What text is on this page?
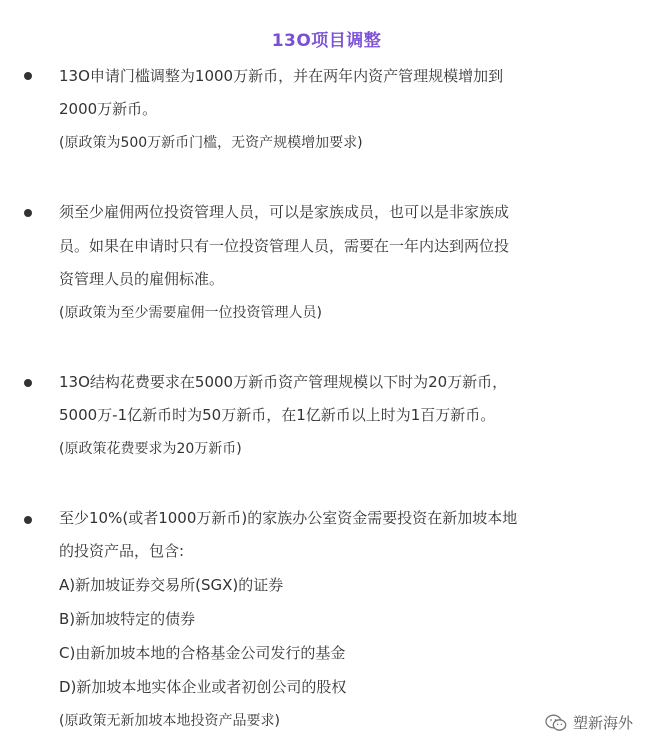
13O项目调整
13O申请门槛调整为1000万新币，并在两年内资产管理规模增加到
2000万新币。
(原政策为500万新币门槛，无资产规模增加要求)
须至少雇佣两位投资管理人员，可以是家族成员，也可以是非家族成
员。如果在申请时只有一位投资管理人员，需要在一年内达到两位投
资管理人员的雇佣标准。
(原政策为至少需要雇佣一位投资管理人员)
13O结构花费要求在5000万新币资产管理规模以下时为20万新币，
5000万-1亿新币时为50万新币，在1亿新币以上时为1百万新币。
(原政策花费要求为20万新币)
至少10%(或者1000万新币)的家族办公室资金需要投资在新加坡本地
的投资产品，包含:
A)新加坡证券交易所(SGX)的证券
B)新加坡特定的债券
C)由新加坡本地的合格基金公司发行的基金
D)新加坡本地实体企业或者初创公司的股权
(原政策无新加坡本地投资产品要求)	塑新海外
